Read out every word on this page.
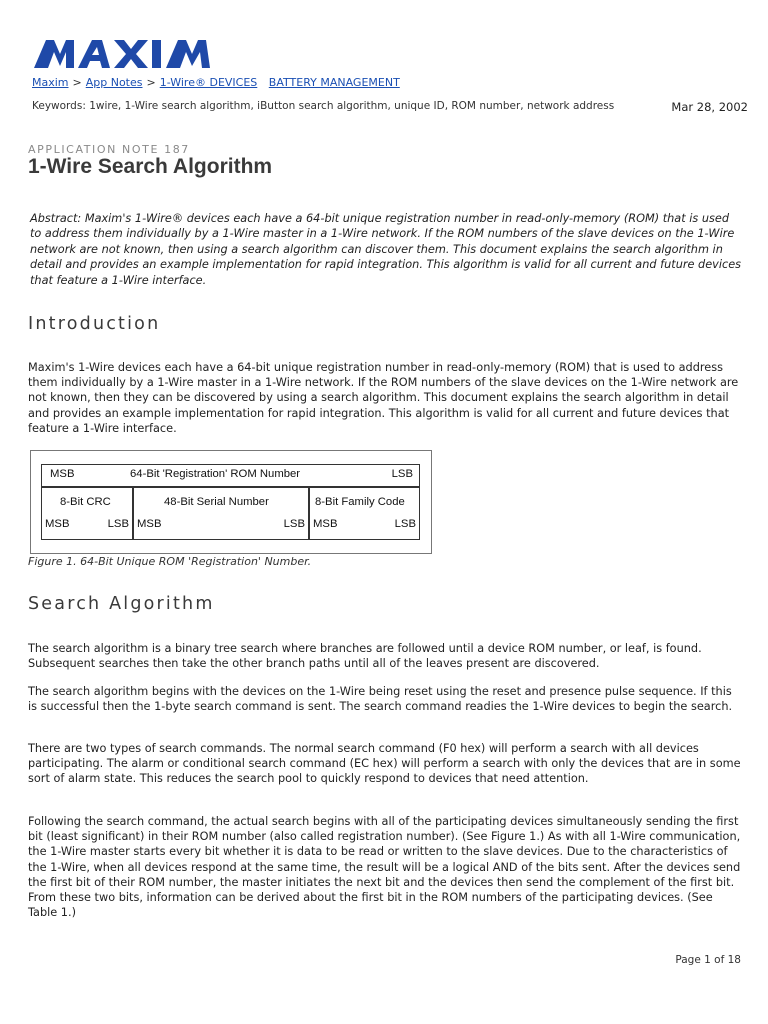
Maxim > App Notes > 1-Wire® DEVICES BATTERY MANAGEMENT
Keywords: 1wire, 1-Wire search algorithm, iButton search algorithm, unique ID, ROM number, network address	Mar 28, 2002
APPLICATION NOTE 187
1-Wire Search Algorithm

Abstract: Maxim's 1-Wire® devices each have a 64-bit unique registration number in read-only-memory (ROM) that is used to address them individually by a 1-Wire master in a 1-Wire network. If the ROM numbers of the slave devices on the 1-Wire network are not known, then using a search algorithm can discover them. This document explains the search algorithm in detail and provides an example implementation for rapid integration. This algorithm is valid for all current and future devices that feature a 1-Wire interface.

Introduction

Maxim's 1-Wire devices each have a 64-bit unique registration number in read-only-memory (ROM) that is used to address them individually by a 1-Wire master in a 1-Wire network. If the ROM numbers of the slave devices on the 1-Wire network are not known, then they can be discovered by using a search algorithm. This document explains the search algorithm in detail and provides an example implementation for rapid integration. This algorithm is valid for all current and future devices that feature a 1-Wire interface.

MSB	64-Bit 'Registration' ROM Number	LSB
8-Bit CRC
MSB	LSB
48-Bit Serial Number
MSB	LSB
8-Bit Family Code
MSB	LSB

Figure 1. 64-Bit Unique ROM 'Registration' Number.

Search Algorithm

The search algorithm is a binary tree search where branches are followed until a device ROM number, or leaf, is found. Subsequent searches then take the other branch paths until all of the leaves present are discovered.

The search algorithm begins with the devices on the 1-Wire being reset using the reset and presence pulse sequence. If this is successful then the 1-byte search command is sent. The search command readies the 1-Wire devices to begin the search.

There are two types of search commands. The normal search command (F0 hex) will perform a search with all devices participating. The alarm or conditional search command (EC hex) will perform a search with only the devices that are in some sort of alarm state. This reduces the search pool to quickly respond to devices that need attention.

Following the search command, the actual search begins with all of the participating devices simultaneously sending the first bit (least significant) in their ROM number (also called registration number). (See Figure 1.) As with all 1-Wire communication, the 1-Wire master starts every bit whether it is data to be read or written to the slave devices. Due to the characteristics of the 1-Wire, when all devices respond at the same time, the result will be a logical AND of the bits sent. After the devices send the first bit of their ROM number, the master initiates the next bit and the devices then send the complement of the first bit. From these two bits, information can be derived about the first bit in the ROM numbers of the participating devices. (See Table 1.)

Page 1 of 18
